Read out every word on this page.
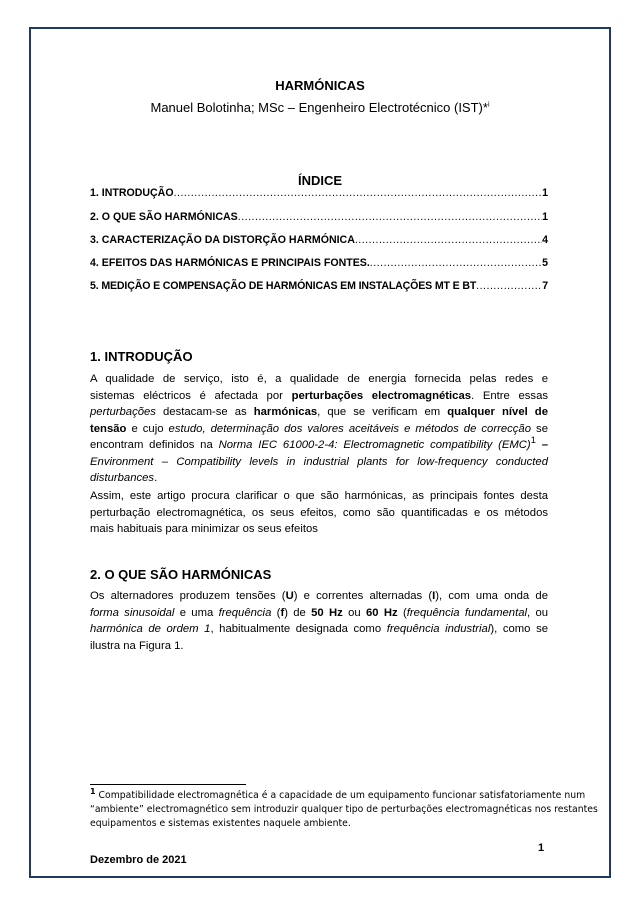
HARMÓNICAS
Manuel Bolotinha; MSc – Engenheiro Electrotécnico (IST)*$^i$
ÍNDICE
1. INTRODUÇÃO .....	1
2. O QUE SÃO HARMÓNICAS .....	1
3. CARACTERIZAÇÃO DA DISTORÇÃO HARMÓNICA .....	4
4. EFEITOS DAS HARMÓNICAS E PRINCIPAIS FONTES. .....	5
5. MEDIÇÃO E COMPENSAÇÃO DE HARMÓNICAS EM INSTALAÇÕES MT E BT .....	7
1. INTRODUÇÃO
A qualidade de serviço, isto é, a qualidade de energia fornecida pelas redes e
sistemas eléctricos é afectada por perturbações electromagnéticas. Entre essas
perturbações destacam-se as harmónicas, que se verificam em qualquer nível de
tensão e cujo estudo, determinação dos valores aceitáveis e métodos de correcção se
encontram definidos na Norma IEC 61000-2-4: Electromagnetic compatibility (EMC)$^1$ –
Environment – Compatibility levels in industrial plants for low-frequency conducted
disturbances.
Assim, este artigo procura clarificar o que são harmónicas, as principais fontes desta
perturbação electromagnética, os seus efeitos, como são quantificadas e os métodos
mais habituais para minimizar os seus efeitos
2. O QUE SÃO HARMÓNICAS
Os alternadores produzem tensões (U) e correntes alternadas (I), com uma onda de
forma sinusoidal e uma frequência (f) de 50 Hz ou 60 Hz (frequência fundamental, ou
harmónica de ordem 1, habitualmente designada como frequência industrial), como se
ilustra na Figura 1.
$^1$ Compatibilidade electromagnética é a capacidade de um equipamento funcionar satisfatoriamente num
“ambiente” electromagnético sem introduzir qualquer tipo de perturbações electromagnéticas nos restantes
equipamentos e sistemas existentes naquele ambiente.
1
Dezembro de 2021
